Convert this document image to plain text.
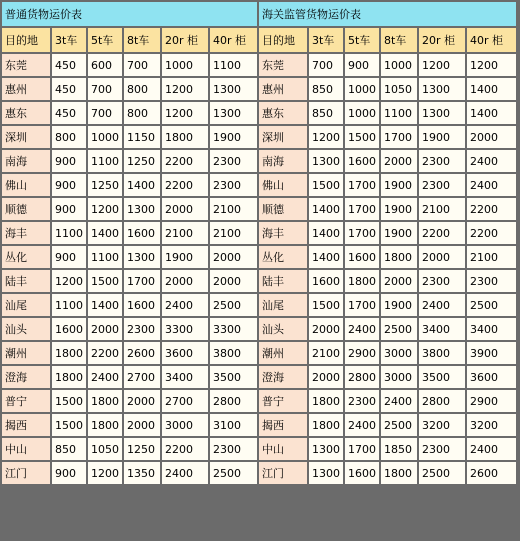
普通货物运价表					
目的地	3t车	5t车	8t车	20r 柜	40r 柜
东莞	450	600	700	1000	1100
惠州	450	700	800	1200	1300
惠东	450	700	800	1200	1300
深圳	800	1000	1150	1800	1900
南海	900	1100	1250	2200	2300
佛山	900	1250	1400	2200	2300
顺德	900	1200	1300	2000	2100
海丰	1100	1400	1600	2100	2100
丛化	900	1100	1300	1900	2000
陆丰	1200	1500	1700	2000	2000
汕尾	1100	1400	1600	2400	2500
汕头	1600	2000	2300	3300	3300
潮州	1800	2200	2600	3600	3800
澄海	1800	2400	2700	3400	3500
普宁	1500	1800	2000	2700	2800
揭西	1500	1800	2000	3000	3100
中山	850	1050	1250	2200	2300
江门	900	1200	1350	2400	2500
海关监管货物运价表					
目的地	3t车	5t车	8t车	20r 柜	40r 柜
东莞	700	900	1000	1200	1200
惠州	850	1000	1050	1300	1400
惠东	850	1000	1100	1300	1400
深圳	1200	1500	1700	1900	2000
南海	1300	1600	2000	2300	2400
佛山	1500	1700	1900	2300	2400
顺德	1400	1700	1900	2100	2200
海丰	1400	1700	1900	2200	2200
丛化	1400	1600	1800	2000	2100
陆丰	1600	1800	2000	2300	2300
汕尾	1500	1700	1900	2400	2500
汕头	2000	2400	2500	3400	3400
潮州	2100	2900	3000	3800	3900
澄海	2000	2800	3000	3500	3600
普宁	1800	2300	2400	2800	2900
揭西	1800	2400	2500	3200	3200
中山	1300	1700	1850	2300	2400
江门	1300	1600	1800	2500	2600
